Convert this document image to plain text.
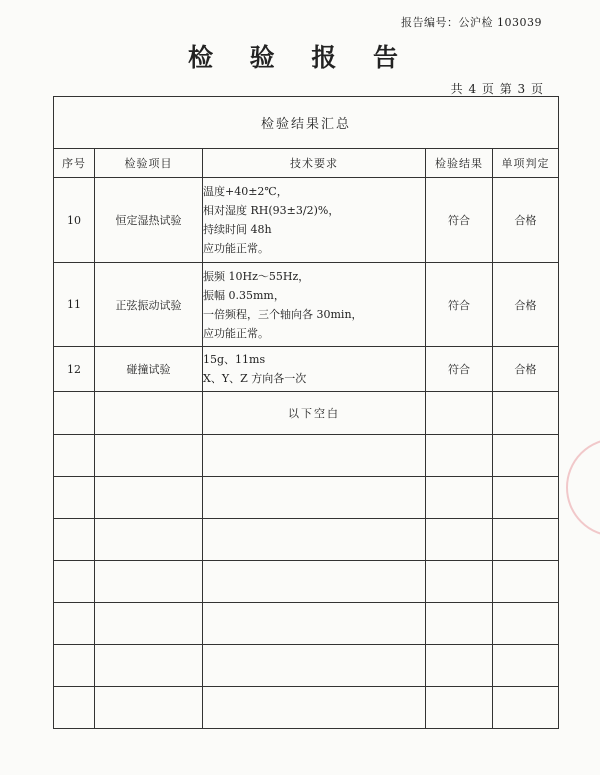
报告编号：公沪检 103039
检 验 报 告
共 4 页 第 3 页
检验结果汇总				
序号	检验项目	技术要求	检验结果	单项判定
10	恒定湿热试验	温度+40±2℃，
相对湿度 RH(93±3/2)%，
持续时间 48h
应功能正常。	符合	合格
11	正弦振动试验	振频 10Hz～55Hz，
振幅 0.35mm，
一倍频程，三个轴向各 30min，
应功能正常。	符合	合格
12	碰撞试验	15g、11ms
X、Y、Z 方向各一次	符合	合格
		以下空白		
